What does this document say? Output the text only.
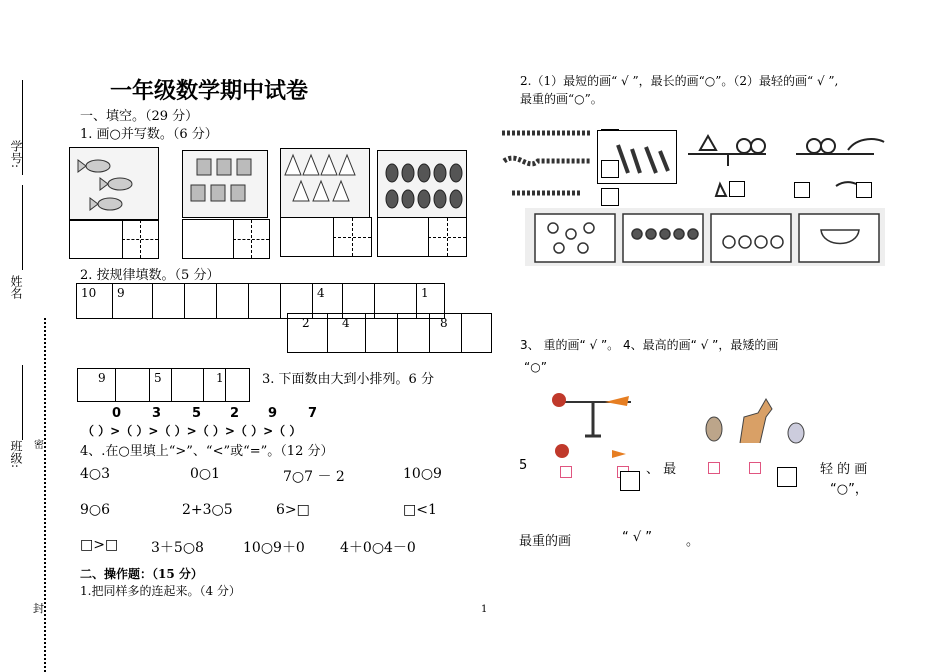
学号:
姓名
班级: 密
封
一年级数学期中试卷
一、填空。（29 分）
1. 画○并写数。（6 分）
2. 按规律填数。（5 分）
10	9						4			1	
2	4			8	
9		5		1		3. 下面数由大到小排列。6 分
0 3 5 2 9 7
（ ）>（ ）>（ ）>（ ）>（ ）>（ ）
4、.在○里填上“>”、“<”或“=”。（12 分）
4○3	0○1	7○7 － 2	10○9
9○6	2+3○5	6>□	□<1
□>□ 3＋5○8	10○9＋0	4＋0○4－0
二、操作题：（15 分）
1.把同样多的连起来。（4 分）
1
2.（1）最短的画“ √ ”，最长的画“○”。（2）最轻的画“ √ ”,
最重的画“○”。
3、 重的画“ √ ”。 4、最高的画“ √ ”，最矮的画
“○”
5	、 最	轻 的 画
“○”，
最重的画	“ √ ”	。
